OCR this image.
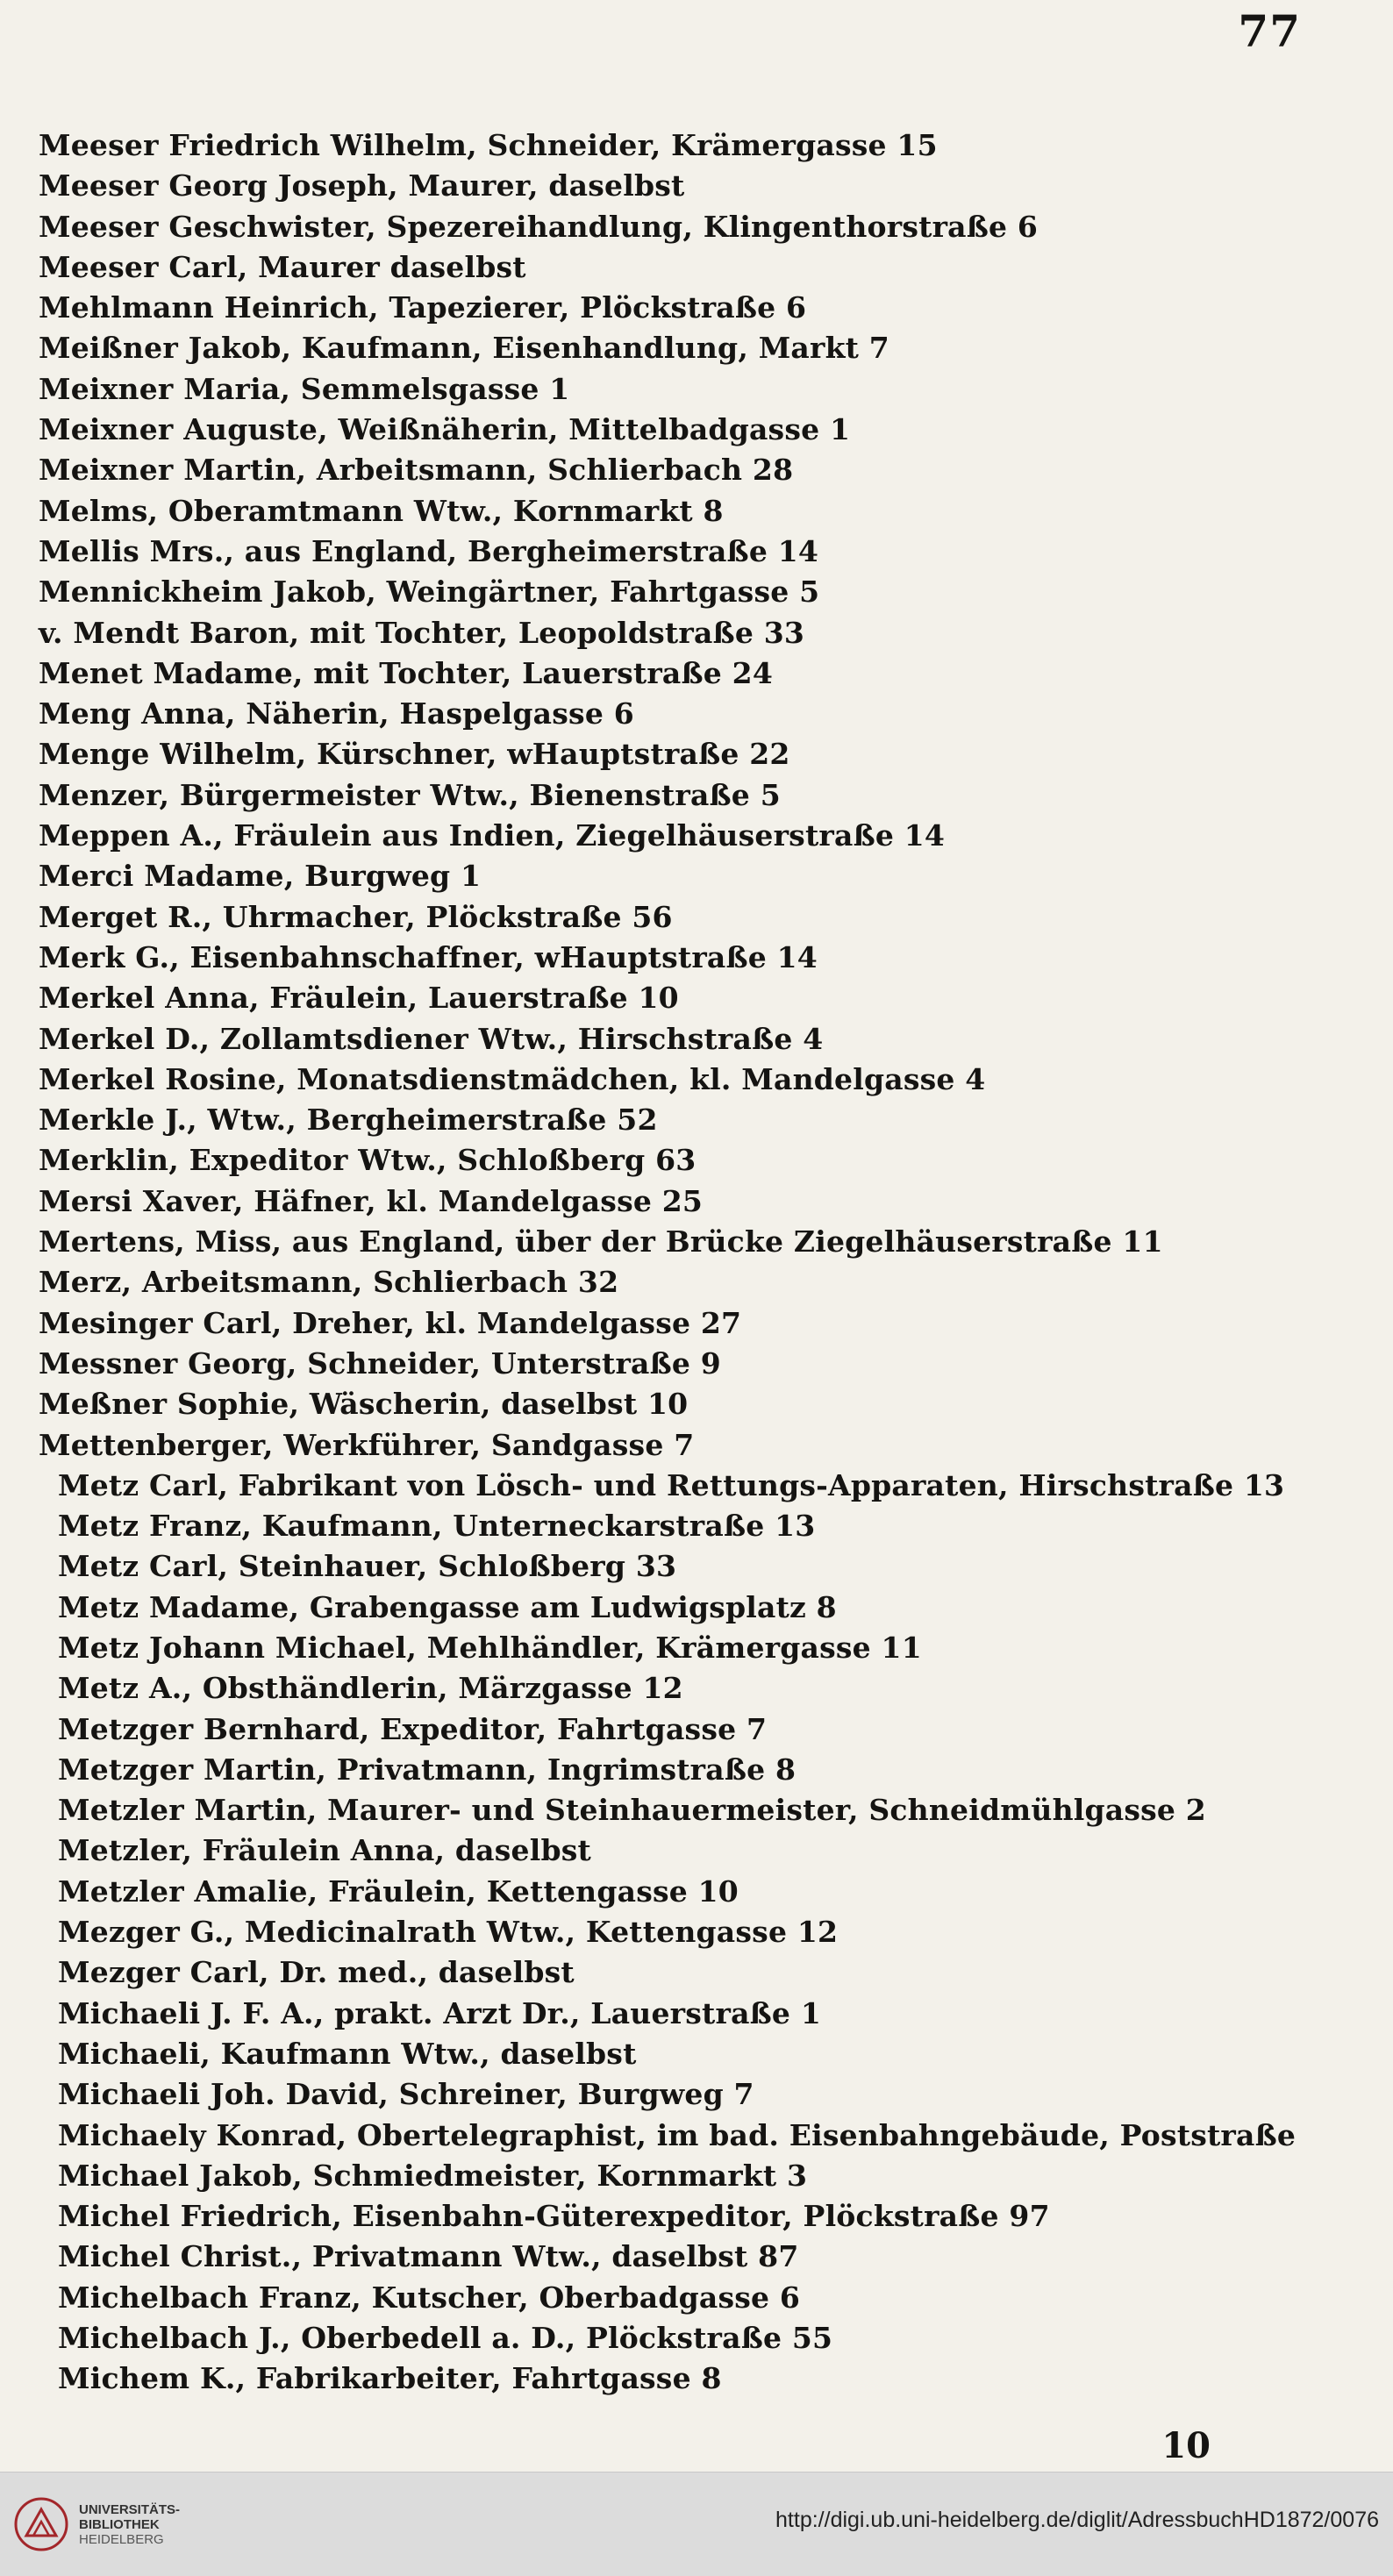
77
Meeser Friedrich Wilhelm, Schneider, Krämergasse 15
Meeser Georg Joseph, Maurer, daselbst
Meeser Geschwister, Spezereihandlung, Klingenthorstraße 6
Meeser Carl, Maurer daselbst
Mehlmann Heinrich, Tapezierer, Plöckstraße 6
Meißner Jakob, Kaufmann, Eisenhandlung, Markt 7
Meixner Maria, Semmelsgasse 1
Meixner Auguste, Weißnäherin, Mittelbadgasse 1
Meixner Martin, Arbeitsmann, Schlierbach 28
Melms, Oberamtmann Wtw., Kornmarkt 8
Mellis Mrs., aus England, Bergheimerstraße 14
Mennickheim Jakob, Weingärtner, Fahrtgasse 5
v. Mendt Baron, mit Tochter, Leopoldstraße 33
Menet Madame, mit Tochter, Lauerstraße 24
Meng Anna, Näherin, Haspelgasse 6
Menge Wilhelm, Kürschner, wHauptstraße 22
Menzer, Bürgermeister Wtw., Bienenstraße 5
Meppen A., Fräulein aus Indien, Ziegelhäuserstraße 14
Merci Madame, Burgweg 1
Merget R., Uhrmacher, Plöckstraße 56
Merk G., Eisenbahnschaffner, wHauptstraße 14
Merkel Anna, Fräulein, Lauerstraße 10
Merkel D., Zollamtsdiener Wtw., Hirschstraße 4
Merkel Rosine, Monatsdienstmädchen, kl. Mandelgasse 4
Merkle J., Wtw., Bergheimerstraße 52
Merklin, Expeditor Wtw., Schloßberg 63
Mersi Xaver, Häfner, kl. Mandelgasse 25
Mertens, Miss, aus England, über der Brücke Ziegelhäuserstraße 11
Merz, Arbeitsmann, Schlierbach 32
Mesinger Carl, Dreher, kl. Mandelgasse 27
Messner Georg, Schneider, Unterstraße 9
Meßner Sophie, Wäscherin, daselbst 10
Mettenberger, Werkführer, Sandgasse 7
Metz Carl, Fabrikant von Lösch- und Rettungs-Apparaten, Hirschstraße 13
Metz Franz, Kaufmann, Unterneckarstraße 13
Metz Carl, Steinhauer, Schloßberg 33
Metz Madame, Grabengasse am Ludwigsplatz 8
Metz Johann Michael, Mehlhändler, Krämergasse 11
Metz A., Obsthändlerin, Märzgasse 12
Metzger Bernhard, Expeditor, Fahrtgasse 7
Metzger Martin, Privatmann, Ingrimstraße 8
Metzler Martin, Maurer- und Steinhauermeister, Schneidmühlgasse 2
Metzler, Fräulein Anna, daselbst
Metzler Amalie, Fräulein, Kettengasse 10
Mezger G., Medicinalrath Wtw., Kettengasse 12
Mezger Carl, Dr. med., daselbst
Michaeli J. F. A., prakt. Arzt Dr., Lauerstraße 1
Michaeli, Kaufmann Wtw., daselbst
Michaeli Joh. David, Schreiner, Burgweg 7
Michaely Konrad, Obertelegraphist, im bad. Eisenbahngebäude, Poststraße
Michael Jakob, Schmiedmeister, Kornmarkt 3
Michel Friedrich, Eisenbahn-Güterexpeditor, Plöckstraße 97
Michel Christ., Privatmann Wtw., daselbst 87
Michelbach Franz, Kutscher, Oberbadgasse 6
Michelbach J., Oberbedell a. D., Plöckstraße 55
Michem K., Fabrikarbeiter, Fahrtgasse 8
10
UNIVERSITÄTS-
BIBLIOTHEK
HEIDELBERG
http://digi.ub.uni-heidelberg.de/diglit/AdressbuchHD1872/0076
